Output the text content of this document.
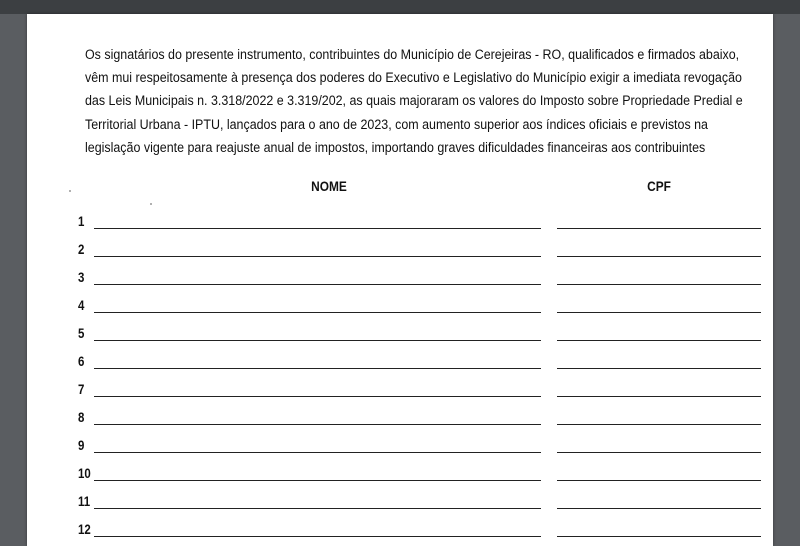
Os signatários do presente instrumento, contribuintes do Município de Cerejeiras - RO, qualificados e firmados abaixo,
vêm mui respeitosamente à presença dos poderes do Executivo e Legislativo do Município exigir a imediata revogação
das Leis Municipais n. 3.318/2022 e 3.319/202, as quais majoraram os valores do Imposto sobre Propriedade Predial e
Territorial Urbana - IPTU, lançados para o ano de 2023, com aumento superior aos índices oficiais e previstos na
legislação vigente para reajuste anual de impostos, importando graves dificuldades financeiras aos contribuintes
NOME	CPF
1
2
3
4
5
6
7
8
9
10
11
12
